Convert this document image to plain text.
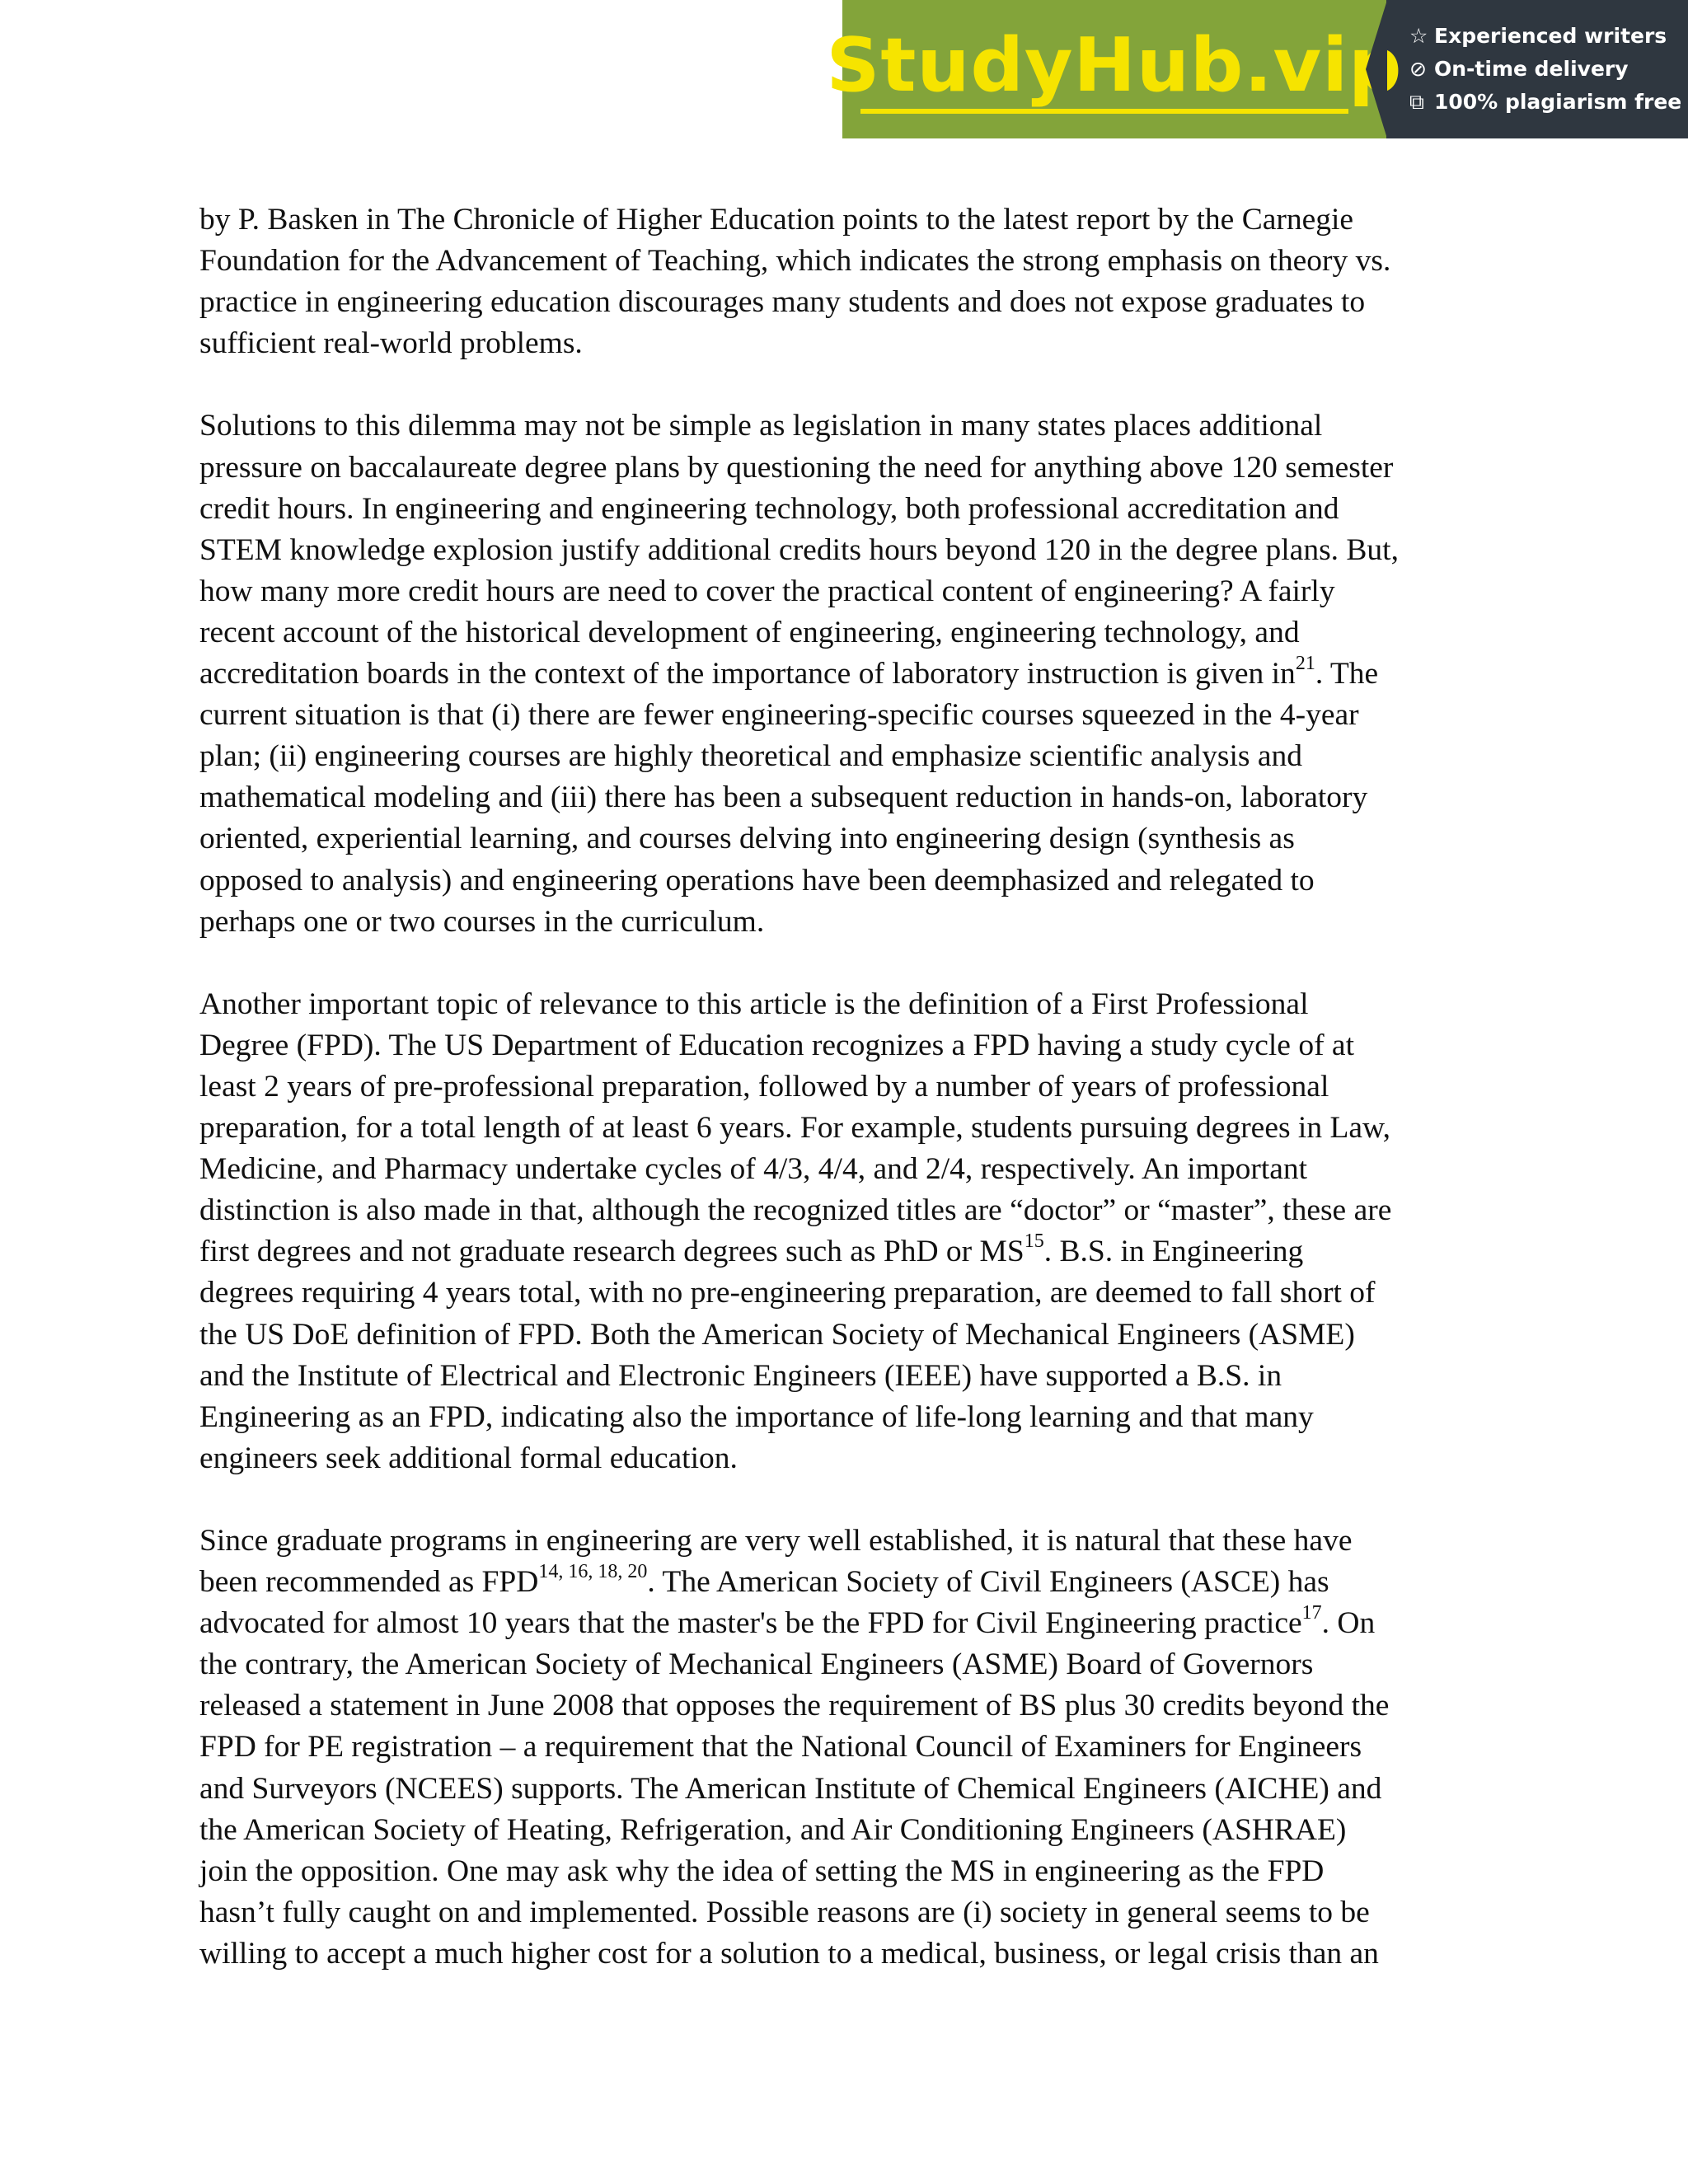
StudyHub.vip ☆ Experienced writers
⊘ On-time delivery
⧉ 100% plagiarism free
by P. Basken in The Chronicle of Higher Education points to the latest report by the Carnegie
Foundation for the Advancement of Teaching, which indicates the strong emphasis on theory vs.
practice in engineering education discourages many students and does not expose graduates to
sufficient real-world problems.
Solutions to this dilemma may not be simple as legislation in many states places additional
pressure on baccalaureate degree plans by questioning the need for anything above 120 semester
credit hours. In engineering and engineering technology, both professional accreditation and
STEM knowledge explosion justify additional credits hours beyond 120 in the degree plans. But,
how many more credit hours are need to cover the practical content of engineering? A fairly
recent account of the historical development of engineering, engineering technology, and
accreditation boards in the context of the importance of laboratory instruction is given $in^{21}$. The
current situation is that (i) there are fewer engineering-specific courses squeezed in the 4-year
plan; (ii) engineering courses are highly theoretical and emphasize scientific analysis and
mathematical modeling and (iii) there has been a subsequent reduction in hands-on, laboratory
oriented, experiential learning, and courses delving into engineering design (synthesis as
opposed to analysis) and engineering operations have been deemphasized and relegated to
perhaps one or two courses in the curriculum.
Another important topic of relevance to this article is the definition of a First Professional
Degree (FPD). The US Department of Education recognizes a FPD having a study cycle of at
least 2 years of pre-professional preparation, followed by a number of years of professional
preparation, for a total length of at least 6 years. For example, students pursuing degrees in Law,
Medicine, and Pharmacy undertake cycles of 4/3, 4/4, and 2/4, respectively. An important
distinction is also made in that, although the recognized titles are “doctor” or “master”, these are
first degrees and not graduate research degrees such as PhD or MS$^{15}$. B.S. in Engineering
degrees requiring 4 years total, with no pre-engineering preparation, are deemed to fall short of
the US DoE definition of FPD. Both the American Society of Mechanical Engineers (ASME)
and the Institute of Electrical and Electronic Engineers (IEEE) have supported a B.S. in
Engineering as an FPD, indicating also the importance of life-long learning and that many
engineers seek additional formal education.
Since graduate programs in engineering are very well established, it is natural that these have
been recommended as FPD$^{14, 16, 18, 20}$. The American Society of Civil Engineers (ASCE) has
advocated for almost 10 years that the master's be the FPD for Civil Engineering practice$^{17}$. On
the contrary, the American Society of Mechanical Engineers (ASME) Board of Governors
released a statement in June 2008 that opposes the requirement of BS plus 30 credits beyond the
FPD for PE registration – a requirement that the National Council of Examiners for Engineers
and Surveyors (NCEES) supports. The American Institute of Chemical Engineers (AICHE) and
the American Society of Heating, Refrigeration, and Air Conditioning Engineers (ASHRAE)
join the opposition. One may ask why the idea of setting the MS in engineering as the FPD
hasn’t fully caught on and implemented. Possible reasons are (i) society in general seems to be
willing to accept a much higher cost for a solution to a medical, business, or legal crisis than an
